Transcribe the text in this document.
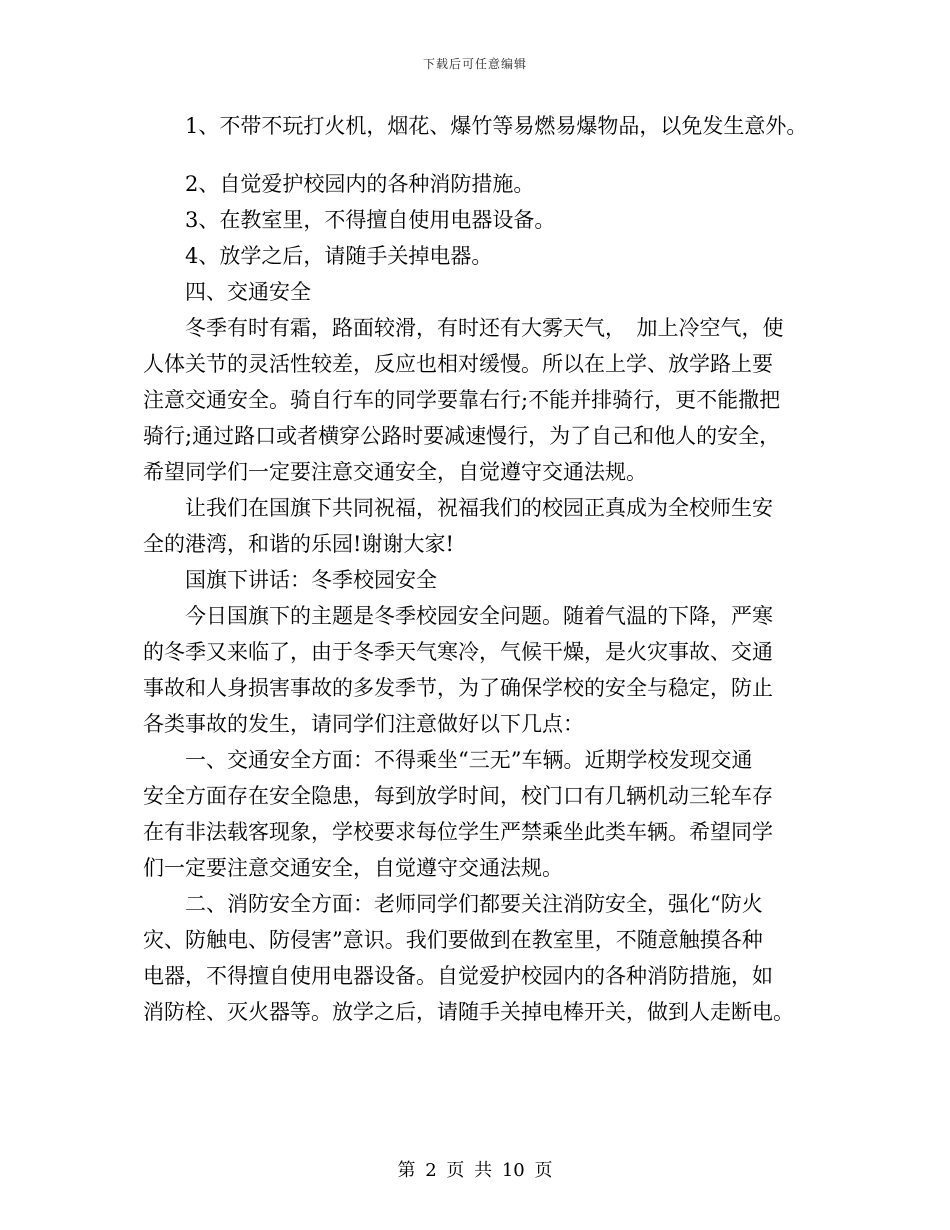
下载后可任意编辑
1、不带不玩打火机，烟花、爆竹等易燃易爆物品，以免发生意外。
2、自觉爱护校园内的各种消防措施。
3、在教室里，不得擅自使用电器设备。
4、放学之后，请随手关掉电器。
四、交通安全
冬季有时有霜，路面较滑，有时还有大雾天气，　加上冷空气，使
人体关节的灵活性较差，反应也相对缓慢。所以在上学、放学路上要
注意交通安全。骑自行车的同学要靠右行;不能并排骑行，更不能撒把
骑行;通过路口或者横穿公路时要减速慢行，为了自己和他人的安全，
希望同学们一定要注意交通安全，自觉遵守交通法规。
让我们在国旗下共同祝福，祝福我们的校园正真成为全校师生安
全的港湾，和谐的乐园!谢谢大家!
国旗下讲话：冬季校园安全
今日国旗下的主题是冬季校园安全问题。随着气温的下降，严寒
的冬季又来临了，由于冬季天气寒冷，气候干燥，是火灾事故、交通
事故和人身损害事故的多发季节，为了确保学校的安全与稳定，防止
各类事故的发生，请同学们注意做好以下几点：
一、交通安全方面：不得乘坐“三无”车辆。近期学校发现交通
安全方面存在安全隐患，每到放学时间，校门口有几辆机动三轮车存
在有非法载客现象，学校要求每位学生严禁乘坐此类车辆。希望同学
们一定要注意交通安全，自觉遵守交通法规。
二、消防安全方面：老师同学们都要关注消防安全，强化“防火
灾、防触电、防侵害”意识。我们要做到在教室里，不随意触摸各种
电器，不得擅自使用电器设备。自觉爱护校园内的各种消防措施，如
消防栓、灭火器等。放学之后，请随手关掉电棒开关，做到人走断电。
第 2 页 共 10 页
